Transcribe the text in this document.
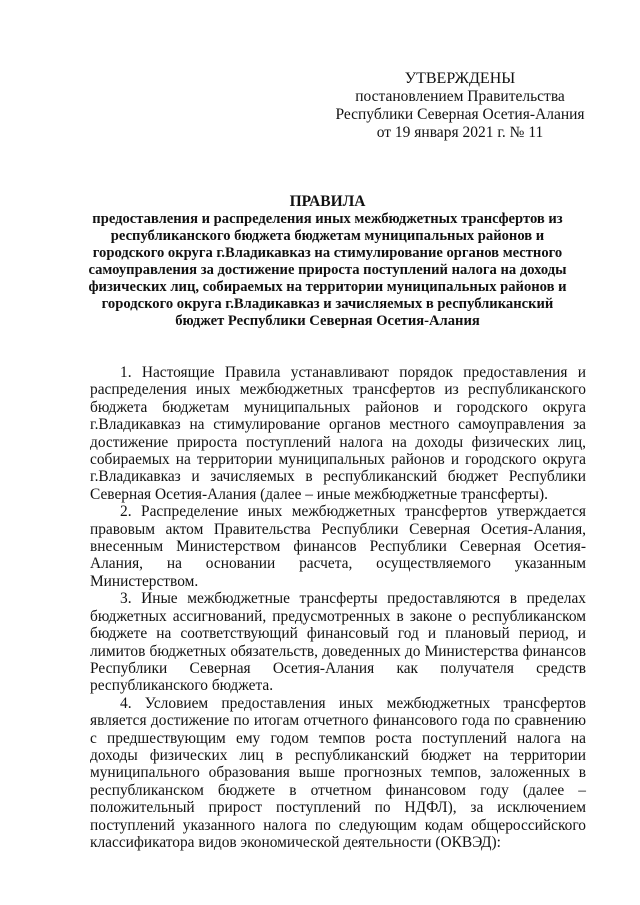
УТВЕРЖДЕНЫ
постановлением Правительства
Республики Северная Осетия-Алания
от 19 января 2021 г. № 11
ПРАВИЛА
предоставления и распределения иных межбюджетных трансфертов из республиканского бюджета бюджетам муниципальных районов и городского округа г.Владикавказ на стимулирование органов местного самоуправления за достижение прироста поступлений налога на доходы физических лиц, собираемых на территории муниципальных районов и городского округа г.Владикавказ и зачисляемых в республиканский бюджет Республики Северная Осетия-Алания

1. Настоящие Правила устанавливают порядок предоставления и распределения иных межбюджетных трансфертов из республиканского бюджета бюджетам муниципальных районов и городского округа г.Владикавказ на стимулирование органов местного самоуправления за достижение прироста поступлений налога на доходы физических лиц, собираемых на территории муниципальных районов и городского округа г.Владикавказ и зачисляемых в республиканский бюджет Республики Северная Осетия-Алания (далее – иные межбюджетные трансферты).

2. Распределение иных межбюджетных трансфертов утверждается правовым актом Правительства Республики Северная Осетия-Алания, внесенным Министерством финансов Республики Северная Осетия-Алания, на основании расчета, осуществляемого указанным Министерством.

3. Иные межбюджетные трансферты предоставляются в пределах бюджетных ассигнований, предусмотренных в законе о республиканском бюджете на соответствующий финансовый год и плановый период, и лимитов бюджетных обязательств, доведенных до Министерства финансов Республики Северная Осетия-Алания как получателя средств республиканского бюджета.

4. Условием предоставления иных межбюджетных трансфертов является достижение по итогам отчетного финансового года по сравнению с предшествующим ему годом темпов роста поступлений налога на доходы физических лиц в республиканский бюджет на территории муниципального образования выше прогнозных темпов, заложенных в республиканском бюджете в отчетном финансовом году (далее – положительный прирост поступлений по НДФЛ), за исключением поступлений указанного налога по следующим кодам общероссийского классификатора видов экономической деятельности (ОКВЭД):
